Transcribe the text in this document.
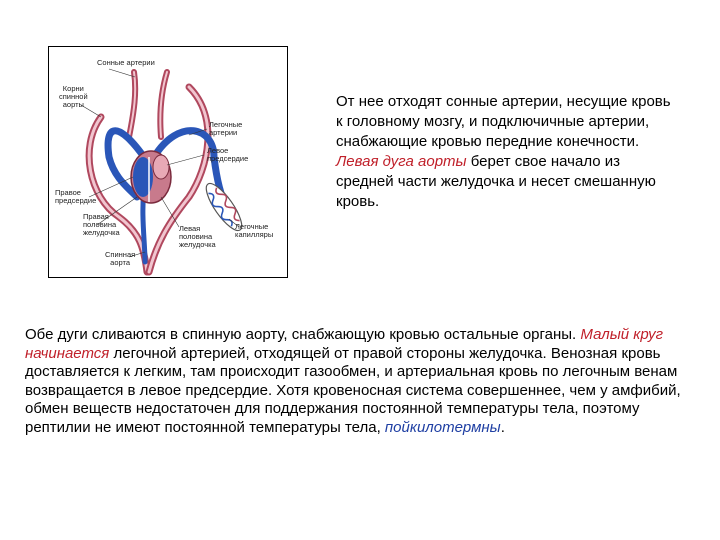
Сонные артерии
Корни
спинной
аорты
Легочные
артерии
Левое
предсердие
Правое
предсердие
Правая
половина
желудочка	Левая
половина
желудочка
Легочные
капилляры
Спинная
аорта
От нее отходят сонные артерии, несущие кровь к головному мозгу, и подключичные артерии, снабжающие кровью передние конечности. Левая дуга аорты берет свое начало из средней части желудочка и несет смешанную кровь.
Обе дуги сливаются в спинную аорту, снабжающую кровью остальные органы. Малый круг начинается легочной артерией, отходящей от правой стороны желудочка. Венозная кровь доставляется к легким, там происходит газообмен, и артериальная кровь по легочным венам возвращается в левое предсердие. Хотя кровеносная система совершеннее, чем у амфибий, обмен веществ недостаточен для поддержания постоянной температуры тела, поэтому рептилии не имеют постоянной температуры тела, пойкилотермны.
